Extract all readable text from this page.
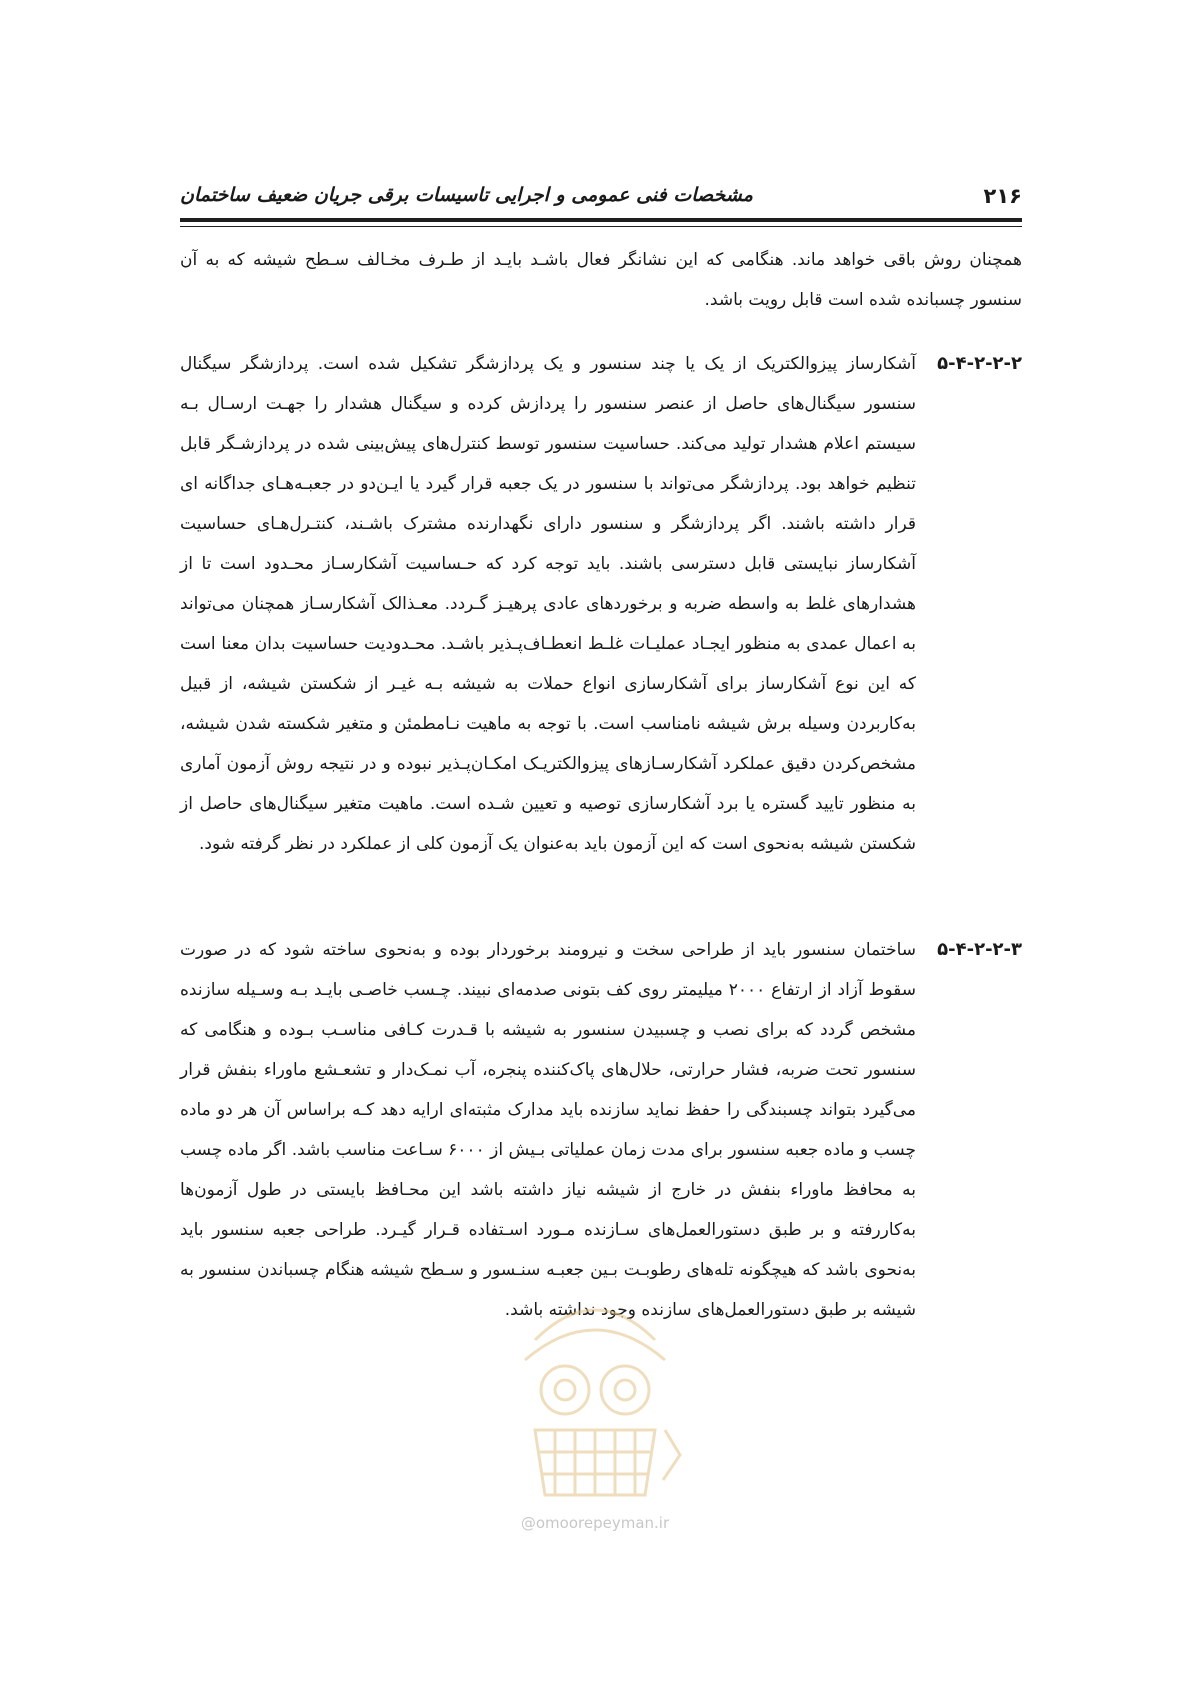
۲۱۶
مشخصات فنی عمومی و اجرایی تاسیسات برقی جریان ضعیف ساختمان
همچنان روش باقی خواهد ماند. هنگامی که این نشانگر فعال باشـد بایـد از طـرف مخـالف سـطح شیشه که به آن سنسور چسبانده شده است قابل رویت باشد.
۵-۴-۲-۲-۲
آشکارساز پیزوالکتریک از یک یا چند سنسور و یک پردازشگر تشکیل شده است. پردازشگر سیگنال سنسور سیگنال‌های حاصل از عنصر سنسور را پردازش کرده و سیگنال هشدار را جهـت ارسـال بـه سیستم اعلام هشدار تولید می‌کند. حساسیت سنسور توسط کنترل‌های پیش‌بینی شده در پردازشـگر قابل تنظیم خواهد بود. پردازشگر می‌تواند با سنسور در یک جعبه قرار گیرد یا ایـن‌دو در جعبـه‌هـای جداگانه ای قرار داشته باشند. اگر پردازشگر و سنسور دارای نگهدارنده مشترک باشـند، کنتـرل‌هـای حساسیت آشکارساز نبایستی قابل دسترسی باشند. باید توجه کرد که حـساسیت آشکارسـاز محـدود است تا از هشدارهای غلط به واسطه ضربه و برخوردهای عادی پرهیـز گـردد. معـذالک آشکارسـاز همچنان می‌تواند به اعمال عمدی به منظور ایجـاد عملیـات غلـط انعطـاف‌پـذیر باشـد. محـدودیت حساسیت بدان معنا است که این نوع آشکارساز برای آشکارسازی انواع حملات به شیشه بـه غیـر از شکستن شیشه، از قبیل به‌کاربردن وسیله برش شیشه نامناسب است. با توجه به ماهیت نـامطمئن و متغیر شکسته شدن شیشه، مشخص‌کردن دقیق عملکرد آشکارسـازهای پیزوالکتریـک امکـان‌پـذیر نبوده و در نتیجه روش آزمون آماری به منظور تایید گستره یا برد آشکارسازی توصیه و تعیین شـده است. ماهیت متغیر سیگنال‌های حاصل از شکستن شیشه به‌نحوی است که این آزمون باید به‌عنوان یک آزمون کلی از عملکرد در نظر گرفته شود.
۵-۴-۲-۲-۳
ساختمان سنسور باید از طراحی سخت و نیرومند برخوردار بوده و به‌نحوی ساخته شود که در صورت سقوط آزاد از ارتفاع ۲۰۰۰ میلیمتر روی کف بتونی صدمه‌ای نبیند. چـسب خاصـی بایـد بـه وسـیله سازنده مشخص گردد که برای نصب و چسبیدن سنسور به شیشه با قـدرت کـافی مناسـب بـوده و هنگامی که سنسور تحت ضربه، فشار حرارتی، حلال‌های پاک‌کننده پنجره، آب نمـک‌دار و تشعـشع ماوراء بنفش قرار می‌گیرد بتواند چسبندگی را حفظ نماید سازنده باید مدارک مثبته‌ای ارایه دهد کـه براساس آن هر دو ماده چسب و ماده جعبه سنسور برای مدت زمان عملیاتی بـیش از ۶۰۰۰ سـاعت مناسب باشد. اگر ماده چسب به محافظ ماوراء بنفش در خارج از شیشه نیاز داشته باشد این محـافظ بایستی در طول آزمون‌ها به‌کاررفته و بر طبق دستورالعمل‌های سـازنده مـورد اسـتفاده قـرار گیـرد. طراحی جعبه سنسور باید به‌نحوی باشد که هیچگونه تله‌های رطوبـت بـین جعبـه سنـسور و سـطح شیشه هنگام چسباندن سنسور به شیشه بر طبق دستورالعمل‌های سازنده وجود نداشته باشد.
@omoorepeyman.ir
